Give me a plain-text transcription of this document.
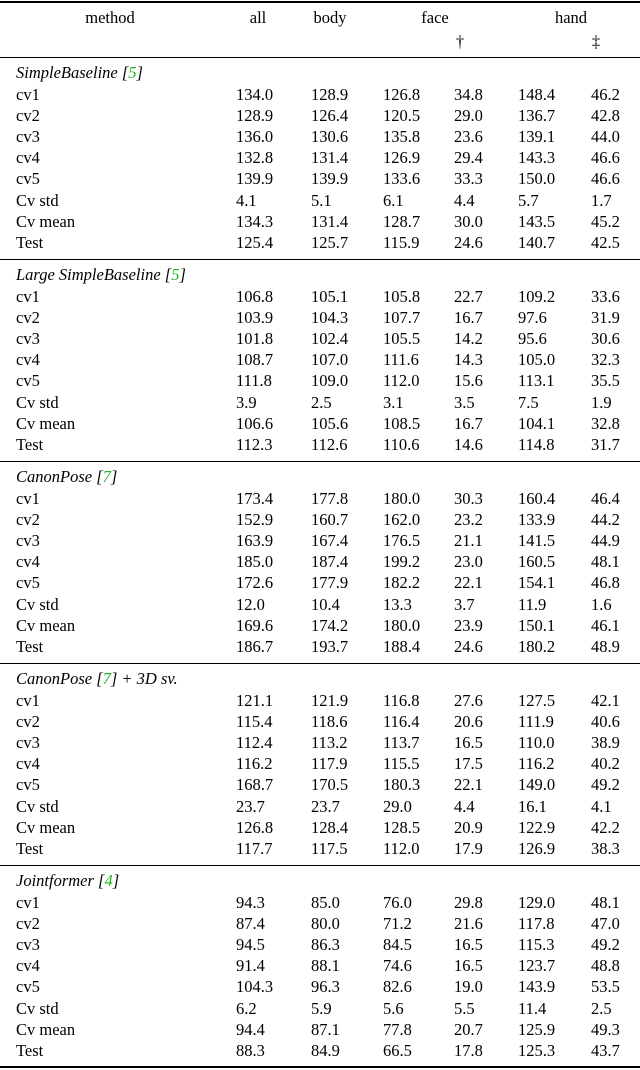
method	all	body	face	hand
†	‡
SimpleBaseline [5]
cv1	134.0 128.9 126.8 34.8 148.4 46.2
cv2	128.9 126.4 120.5 29.0 136.7 42.8
cv3	136.0 130.6 135.8 23.6 139.1 44.0
cv4	132.8 131.4 126.9 29.4 143.3 46.6
cv5	139.9 139.9 133.6 33.3 150.0 46.6
Cv std	4.1	5.1	6.1	4.4	5.7	1.7
Cv mean	134.3 131.4 128.7 30.0 143.5 45.2
Test	125.4 125.7 115.9 24.6 140.7 42.5
Large SimpleBaseline [5]
cv1	106.8 105.1 105.8 22.7 109.2 33.6
cv2	103.9 104.3 107.7 16.7 97.6	31.9
cv3	101.8 102.4 105.5 14.2 95.6	30.6
cv4	108.7 107.0 111.6 14.3 105.0 32.3
cv5	111.8 109.0 112.0 15.6 113.1 35.5
Cv std	3.9	2.5	3.1	3.5	7.5	1.9
Cv mean	106.6 105.6 108.5 16.7 104.1 32.8
Test	112.3 112.6 110.6 14.6 114.8 31.7
CanonPose [7]
cv1	173.4 177.8 180.0 30.3 160.4 46.4
cv2	152.9 160.7 162.0 23.2 133.9 44.2
cv3	163.9 167.4 176.5 21.1 141.5 44.9
cv4	185.0 187.4 199.2 23.0 160.5 48.1
cv5	172.6 177.9 182.2 22.1 154.1 46.8
Cv std	12.0	10.4	13.3	3.7	11.9	1.6
Cv mean	169.6 174.2 180.0 23.9 150.1 46.1
Test	186.7 193.7 188.4 24.6 180.2 48.9
CanonPose [7] + 3D sv.
cv1	121.1 121.9 116.8 27.6 127.5 42.1
cv2	115.4 118.6 116.4 20.6 111.9 40.6
cv3	112.4 113.2 113.7 16.5 110.0 38.9
cv4	116.2 117.9 115.5 17.5 116.2 40.2
cv5	168.7 170.5 180.3 22.1 149.0 49.2
Cv std	23.7	23.7	29.0	4.4	16.1	4.1
Cv mean	126.8 128.4 128.5 20.9 122.9 42.2
Test	117.7 117.5 112.0 17.9 126.9 38.3
Jointformer [4]
cv1	94.3	85.0	76.0	29.8 129.0 48.1
cv2	87.4	80.0	71.2	21.6 117.8 47.0
cv3	94.5	86.3	84.5	16.5 115.3 49.2
cv4	91.4	88.1	74.6	16.5 123.7 48.8
cv5	104.3 96.3	82.6	19.0 143.9 53.5
Cv std	6.2	5.9	5.6	5.5	11.4	2.5
Cv mean	94.4	87.1	77.8	20.7 125.9 49.3
Test	88.3	84.9	66.5	17.8 125.3 43.7
